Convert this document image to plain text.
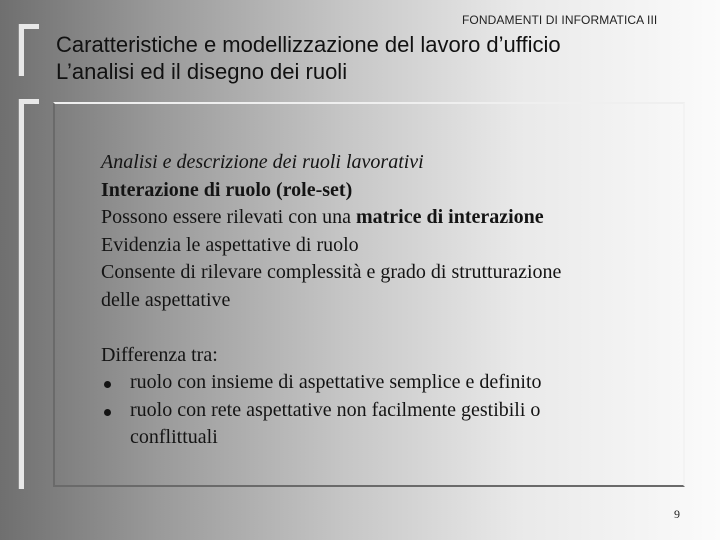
FONDAMENTI DI INFORMATICA III
Caratteristiche e modellizzazione del lavoro d’ufficio
L’analisi ed il disegno dei ruoli
Analisi e descrizione dei ruoli lavorativi
Interazione di ruolo (role-set)
Possono essere rilevati con una matrice di interazione
Evidenzia le aspettative di ruolo
Consente di rilevare complessità e grado di strutturazione
delle aspettative
Differenza tra:
ruolo con insieme di aspettative semplice e definito
ruolo con rete aspettative non facilmente gestibili o
conflittuali
9
